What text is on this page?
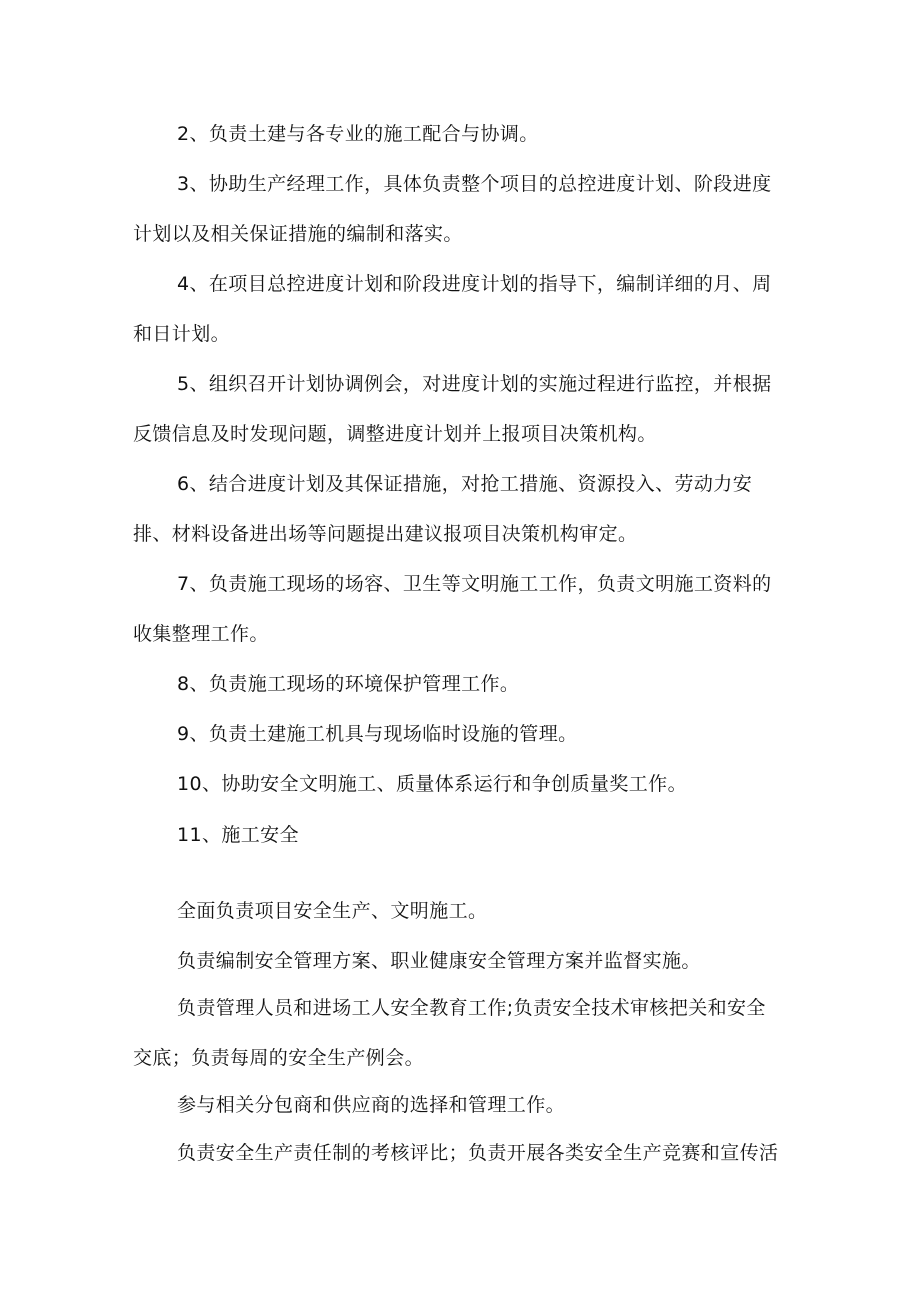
2、负责土建与各专业的施工配合与协调。
3、协助生产经理工作，具体负责整个项目的总控进度计划、阶段进度
计划以及相关保证措施的编制和落实。
4、在项目总控进度计划和阶段进度计划的指导下，编制详细的月、周
和日计划。
5、组织召开计划协调例会，对进度计划的实施过程进行监控，并根据
反馈信息及时发现问题，调整进度计划并上报项目决策机构。
6、结合进度计划及其保证措施，对抢工措施、资源投入、劳动力安
排、材料设备进出场等问题提出建议报项目决策机构审定。
7、负责施工现场的场容、卫生等文明施工工作，负责文明施工资料的
收集整理工作。
8、负责施工现场的环境保护管理工作。
9、负责土建施工机具与现场临时设施的管理。
10、协助安全文明施工、质量体系运行和争创质量奖工作。
11、施工安全
全面负责项目安全生产、文明施工。
负责编制安全管理方案、职业健康安全管理方案并监督实施。
负责管理人员和进场工人安全教育工作;负责安全技术审核把关和安全
交底；负责每周的安全生产例会。
参与相关分包商和供应商的选择和管理工作。
负责安全生产责任制的考核评比；负责开展各类安全生产竞赛和宣传活
